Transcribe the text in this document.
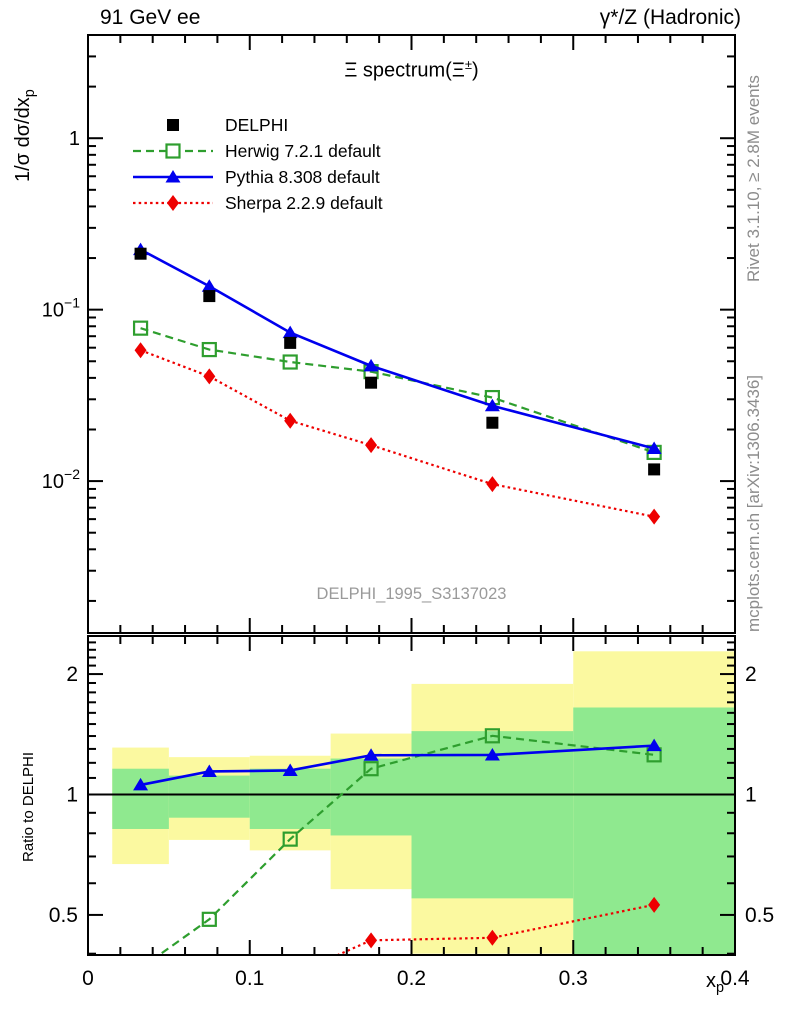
91 GeV ee	γ*/Z (Hadronic)
DELPHI_1995_S3137023
0	0.1	0.2	0.3	0.4
1
$10^{-1}$
$10^{-2}$
2	2
1	1
0.5	0.5
Ξ spectrum(Ξ±)
1/σ $d\sigma/dx_p$
Ratio to DELPHI
$x_p$
Rivet 3.1.10, ≥ 2.8M events
mcplots.cern.ch [arXiv:1306.3436]
DELPHI
Herwig 7.2.1 default
Pythia 8.308 default
Sherpa 2.2.9 default
